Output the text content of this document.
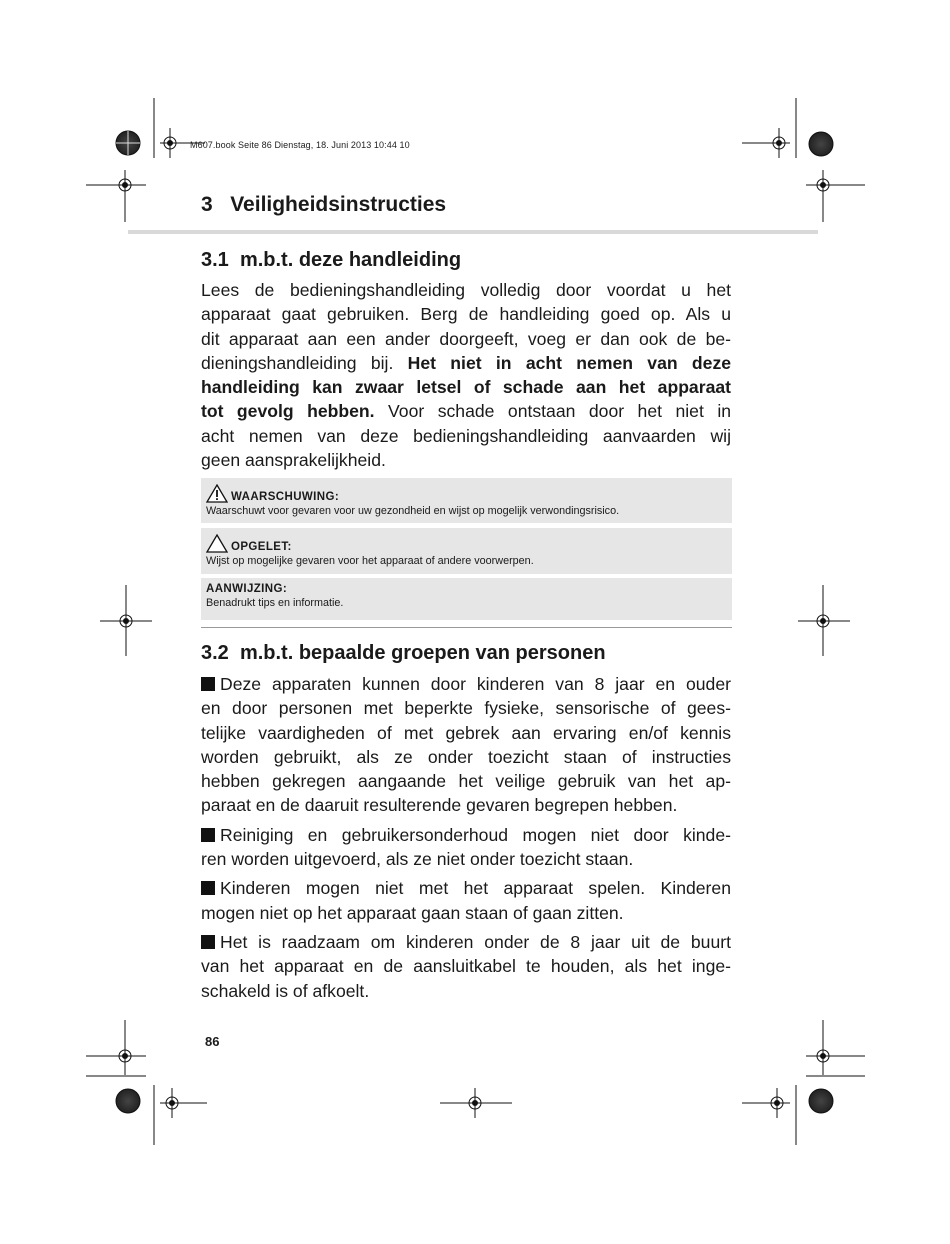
M607.book Seite 86 Dienstag, 18. Juni 2013 10:44 10
3 Veiligheidsinstructies
3.1 m.b.t. deze handleiding
Lees de bedieningshandleiding volledig door voordat u het
apparaat gaat gebruiken. Berg de handleiding goed op. Als u
dit apparaat aan een ander doorgeeft, voeg er dan ook de be-
dieningshandleiding bij. Het niet in acht nemen van deze
handleiding kan zwaar letsel of schade aan het apparaat
tot gevolg hebben. Voor schade ontstaan door het niet in
acht nemen van deze bedieningshandleiding aanvaarden wij
geen aansprakelijkheid.
WAARSCHUWING:
Waarschuwt voor gevaren voor uw gezondheid en wijst op mogelijk verwondingsrisico.
OPGELET:
Wijst op mogelijke gevaren voor het apparaat of andere voorwerpen.
AANWIJZING:
Benadrukt tips en informatie.
3.2 m.b.t. bepaalde groepen van personen
Deze apparaten kunnen door kinderen van 8 jaar en ouder
en door personen met beperkte fysieke, sensorische of gees-
telijke vaardigheden of met gebrek aan ervaring en/of kennis
worden gebruikt, als ze onder toezicht staan of instructies
hebben gekregen aangaande het veilige gebruik van het ap-
paraat en de daaruit resulterende gevaren begrepen hebben.
Reiniging en gebruikersonderhoud mogen niet door kinde-
ren worden uitgevoerd, als ze niet onder toezicht staan.
Kinderen mogen niet met het apparaat spelen. Kinderen
mogen niet op het apparaat gaan staan of gaan zitten.
Het is raadzaam om kinderen onder de 8 jaar uit de buurt
van het apparaat en de aansluitkabel te houden, als het inge-
schakeld is of afkoelt.
86
